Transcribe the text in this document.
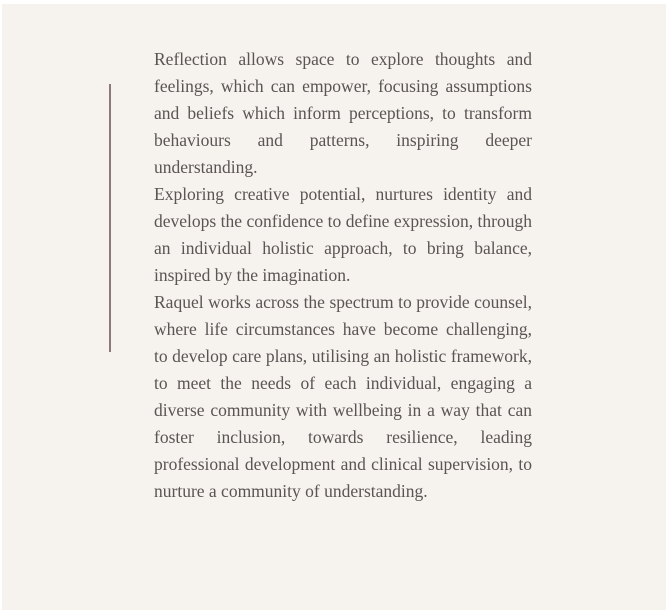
Reflection allows space to explore thoughts and feelings, which can empower, focusing assumptions and beliefs which inform perceptions, to transform behaviours and patterns, inspiring deeper understanding.

Exploring creative potential, nurtures identity and develops the confidence to define expression, through an individual holistic approach, to bring balance, inspired by the imagination.

Raquel works across the spectrum to provide counsel, where life circumstances have become challenging, to develop care plans, utilising an holistic framework, to meet the needs of each individual, engaging a diverse community with wellbeing in a way that can foster inclusion, towards resilience, leading professional development and clinical supervision, to nurture a community of understanding.
